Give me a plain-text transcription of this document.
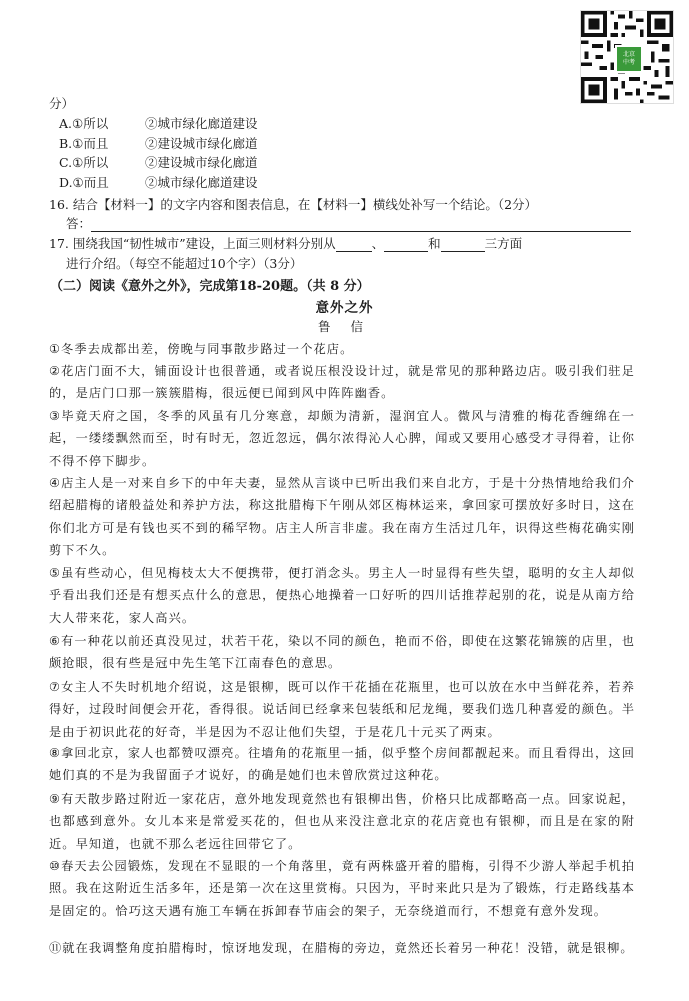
北京
中考
分）
A.①所以	②城市绿化廊道建设
B.①而且	②建设城市绿化廊道
C.①所以	②建设城市绿化廊道
D.①而且	②城市绿化廊道建设
16. 结合【材料一】的文字内容和图表信息，在【材料一】横线处补写一个结论。（2分）
答：
17. 围绕我国“韧性城市”建设，上面三则材料分别从	、	和	三方面
进行介绍。（每空不能超过10个字）（3分）
（二）阅读《意外之外》，完成第18-20题。（共 8 分）
意外之外
鲁 信

①冬季去成都出差，傍晚与同事散步路过一个花店。

②花店门面不大，铺面设计也很普通，或者说压根没设计过，就是常见的那种路边店。吸引我们驻足的，是店门口那一簇簇腊梅，很远便已闻到风中阵阵幽香。

③毕竟天府之国，冬季的风虽有几分寒意，却颇为清新，湿润宜人。微风与清雅的梅花香缠绵在一起，一缕缕飘然而至，时有时无，忽近忽远，偶尔浓得沁人心脾，闻或又要用心感受才寻得着，让你不得不停下脚步。

④店主人是一对来自乡下的中年夫妻，显然从言谈中已听出我们来自北方，于是十分热情地给我们介绍起腊梅的诸般益处和养护方法，称这批腊梅下午刚从郊区梅林运来，拿回家可摆放好多时日，这在你们北方可是有钱也买不到的稀罕物。店主人所言非虚。我在南方生活过几年，识得这些梅花确实刚剪下不久。

⑤虽有些动心，但见梅枝太大不便携带，便打消念头。男主人一时显得有些失望，聪明的女主人却似乎看出我们还是有想买点什么的意思，便热心地操着一口好听的四川话推荐起别的花，说是从南方给大人带来花，家人高兴。

⑥有一种花以前还真没见过，状若干花，染以不同的颜色，艳而不俗，即使在这繁花锦簇的店里，也颇抢眼，很有些是冠中先生笔下江南春色的意思。

⑦女主人不失时机地介绍说，这是银柳，既可以作干花插在花瓶里，也可以放在水中当鲜花养，若养得好，过段时间便会开花，香得很。说话间已经拿来包装纸和尼龙绳，要我们选几种喜爱的颜色。半是由于初识此花的好奇，半是因为不忍让他们失望，于是花几十元买了两束。

⑧拿回北京，家人也都赞叹漂亮。往墙角的花瓶里一插，似乎整个房间都靓起来。而且看得出，这回她们真的不是为我留面子才说好，的确是她们也未曾欣赏过这种花。

⑨有天散步路过附近一家花店，意外地发现竟然也有银柳出售，价格只比成都略高一点。回家说起，也都感到意外。女儿本来是常爱买花的，但也从来没注意北京的花店竟也有银柳，而且是在家的附近。早知道，也就不那么老远往回带它了。

⑩春天去公园锻炼，发现在不显眼的一个角落里，竟有两株盛开着的腊梅，引得不少游人举起手机拍照。我在这附近生活多年，还是第一次在这里赏梅。只因为，平时来此只是为了锻炼，行走路线基本是固定的。恰巧这天遇有施工车辆在拆卸春节庙会的架子，无奈绕道而行，不想竟有意外发现。

⑪就在我调整角度拍腊梅时，惊讶地发现，在腊梅的旁边，竟然还长着另一种花！没错，就是银柳。
